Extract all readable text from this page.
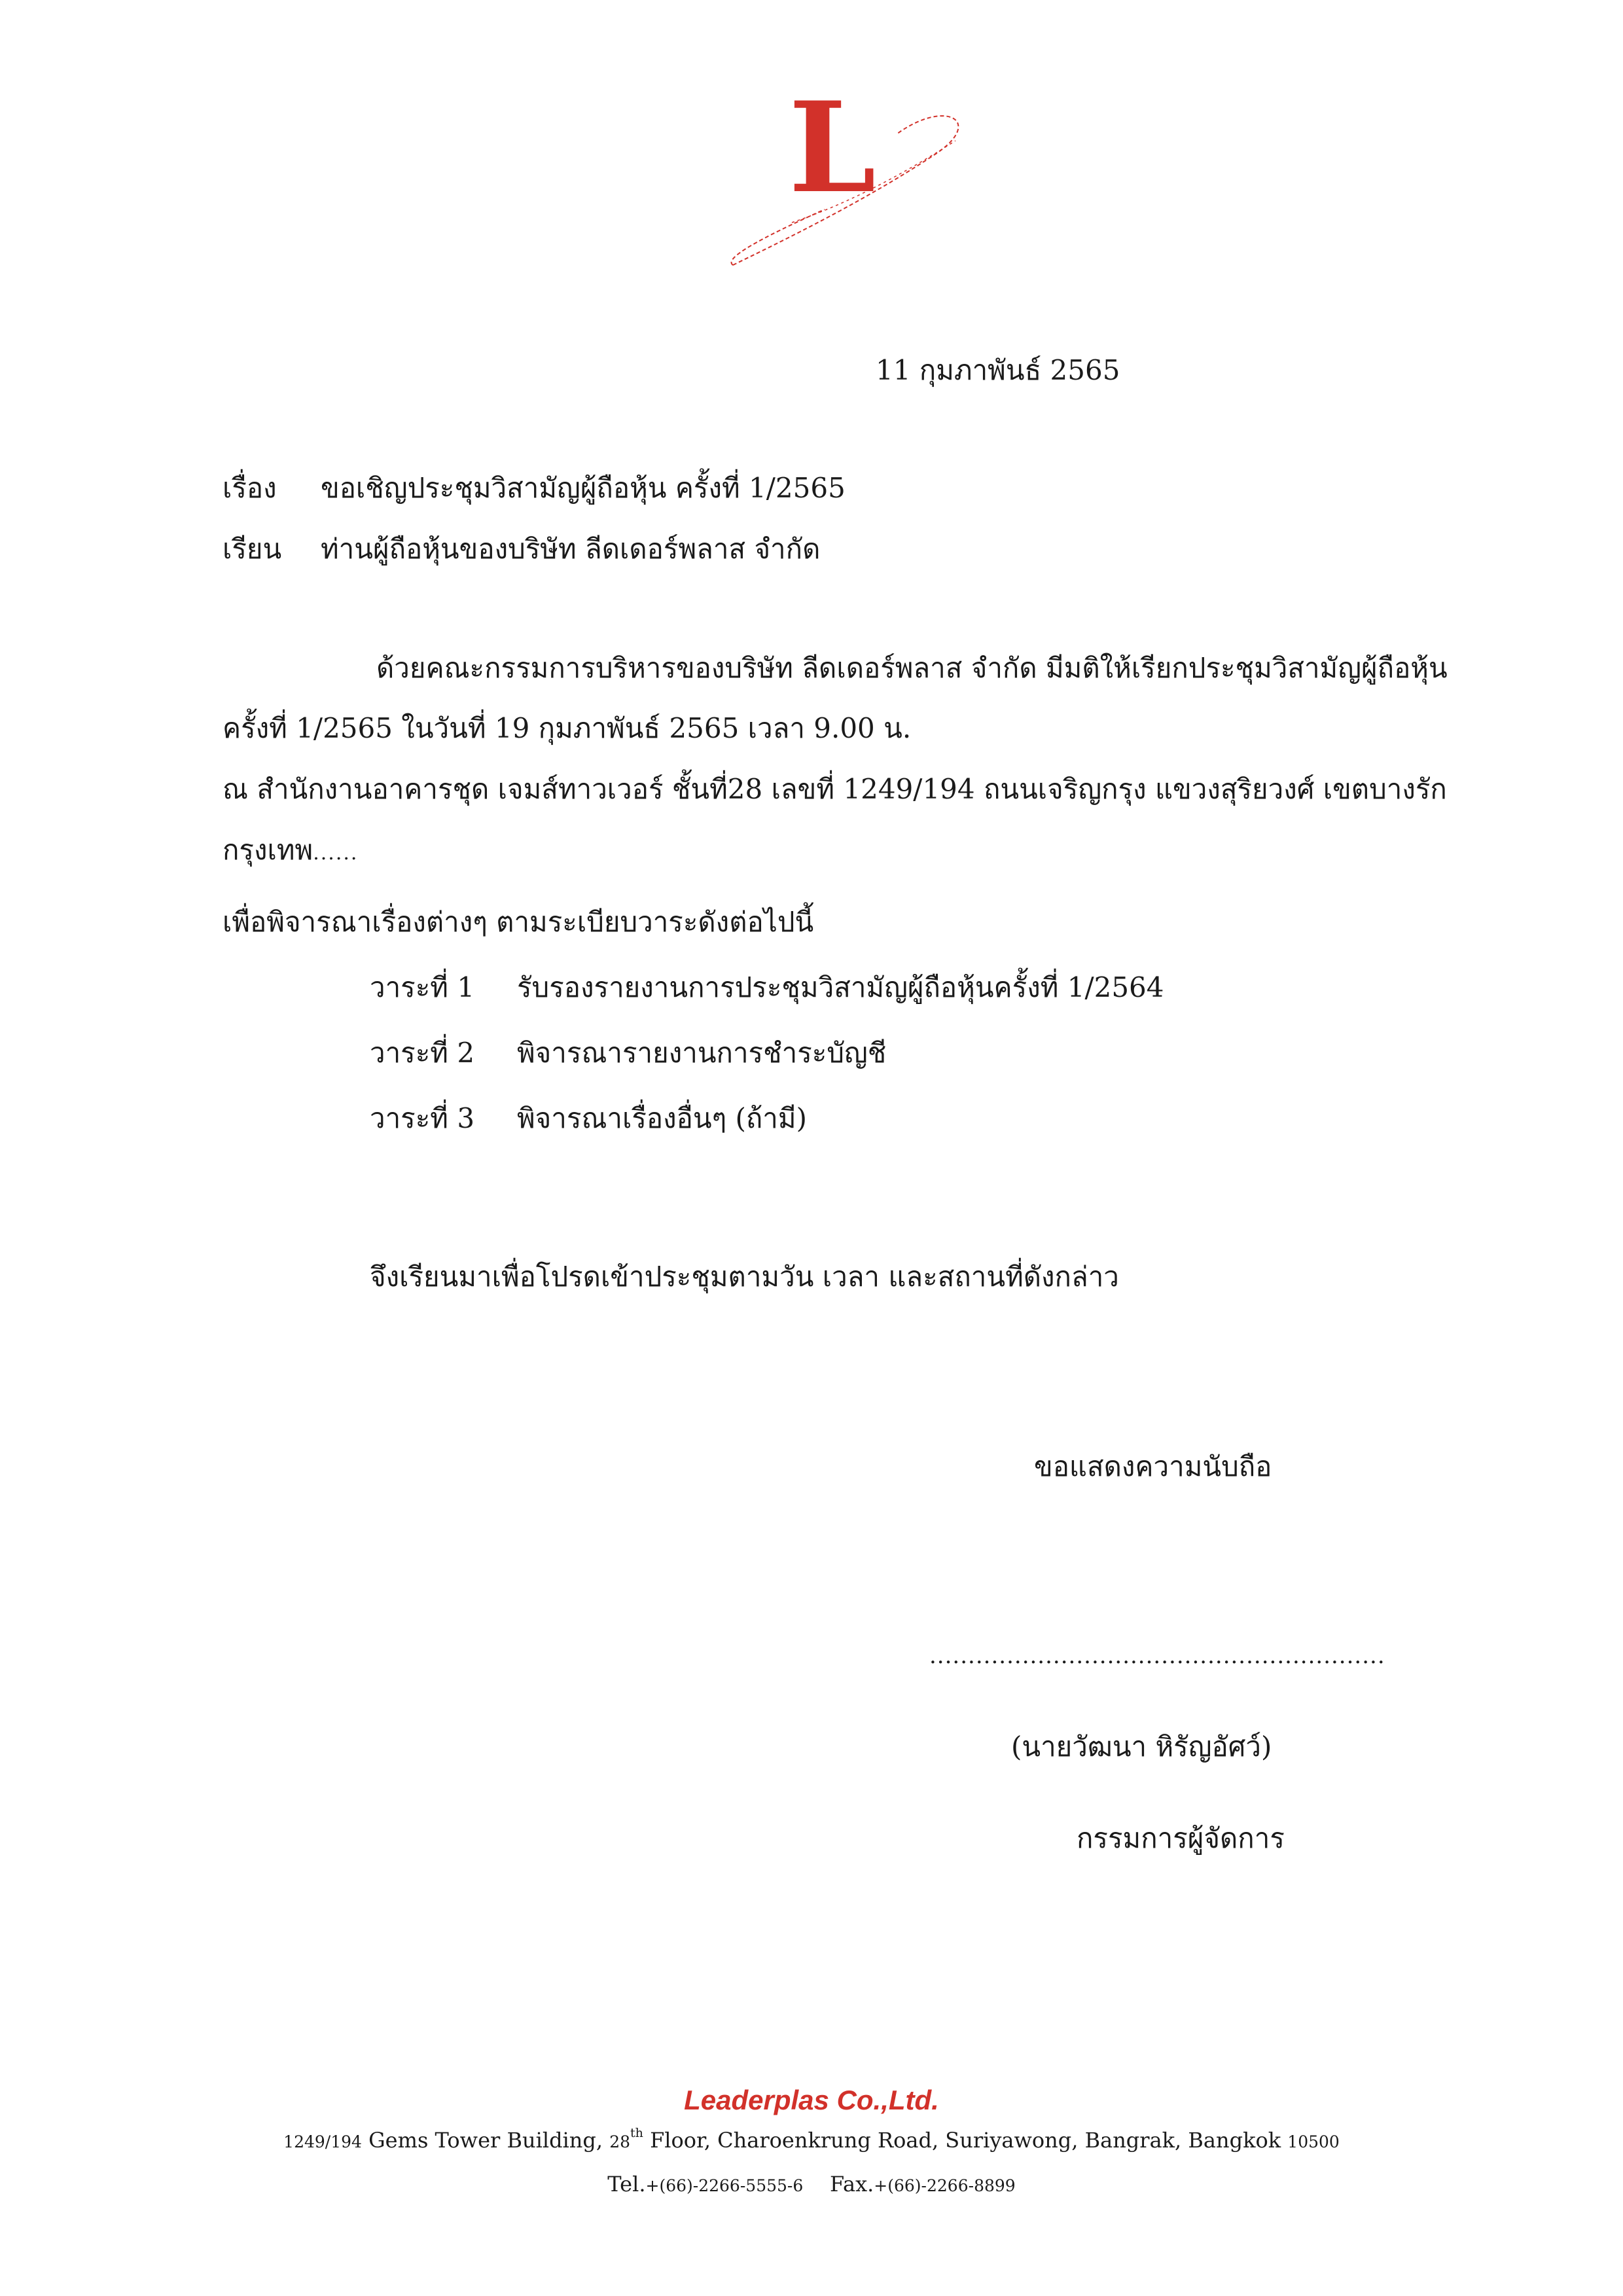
L
11 กุมภาพันธ์ 2565
เรื่อง ขอเชิญประชุมวิสามัญผู้ถือหุ้น ครั้งที่ 1/2565
เรียน ท่านผู้ถือหุ้นของบริษัท ลีดเดอร์พลาส จำกัด
ด้วยคณะกรรมการบริหารของบริษัท ลีดเดอร์พลาส จำกัด มีมติให้เรียกประชุมวิสามัญผู้ถือหุ้น
ครั้งที่ 1/2565 ในวันที่ 19 กุมภาพันธ์ 2565 เวลา 9.00 น.
ณ สำนักงานอาคารชุด เจมส์ทาวเวอร์ ชั้นที่28 เลขที่ 1249/194 ถนนเจริญกรุง แขวงสุริยวงศ์ เขตบางรัก
กรุงเทพ......
เพื่อพิจารณาเรื่องต่างๆ ตามระเบียบวาระดังต่อไปนี้
วาระที่ 1 รับรองรายงานการประชุมวิสามัญผู้ถือหุ้นครั้งที่ 1/2564
วาระที่ 2 พิจารณารายงานการชำระบัญชี
วาระที่ 3 พิจารณาเรื่องอื่นๆ (ถ้ามี)
จึงเรียนมาเพื่อโปรดเข้าประชุมตามวัน เวลา และสถานที่ดังกล่าว
ขอแสดงความนับถือ
...........................................................
(นายวัฒนา หิรัญอัศว์)
กรรมการผู้จัดการ
Leaderplas Co.,Ltd.
1249/194 Gems Tower Building, 28th Floor, Charoenkrung Road, Suriyawong, Bangrak, Bangkok 10500
Tel.+(66)-2266-5555-6 Fax.+(66)-2266-8899
